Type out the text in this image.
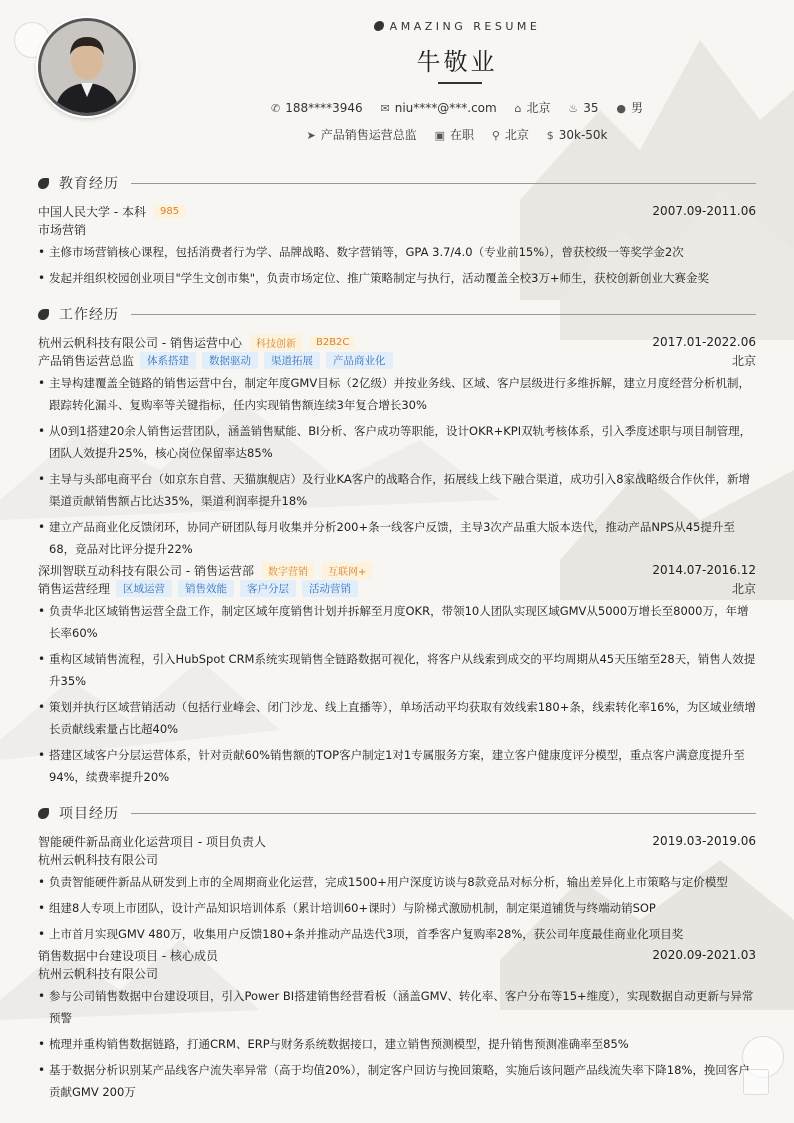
AMAZING RESUME
牛敬业
✆ 188****3946 ✉ niu****@***.com ⌂ 北京 ♨ 35 ● 男
➤ 产品销售运营总监 ▣ 在职 ⚲ 北京 $ 30k-50k
教育经历
中国人民大学 - 本科	985	2007.09-2011.06
市场营销
• 主修市场营销核心课程，包括消费者行为学、品牌战略、数字营销等，GPA 3.7/4.0（专业前15%），曾获校级一等奖学金2次
• 发起并组织校园创业项目"学生文创市集"，负责市场定位、推广策略制定与执行，活动覆盖全校3万+师生，获校创新创业大赛金奖
工作经历
杭州云帆科技有限公司 - 销售运营中心	科技创新	B2B2C	2017.01-2022.06
产品销售运营总监	体系搭建	数据驱动	渠道拓展	产品商业化	北京
• 主导构建覆盖全链路的销售运营中台，制定年度GMV目标（2亿级）并按业务线、区域、客户层级进行多维拆解，建立月度经营分析机制，跟踪转化漏斗、复购率等关键指标，任内实现销售额连续3年复合增长30%
• 从0到1搭建20余人销售运营团队，涵盖销售赋能、BI分析、客户成功等职能，设计OKR+KPI双轨考核体系，引入季度述职与项目制管理，团队人效提升25%，核心岗位保留率达85%
• 主导与头部电商平台（如京东自营、天猫旗舰店）及行业KA客户的战略合作，拓展线上线下融合渠道，成功引入8家战略级合作伙伴，新增渠道贡献销售额占比达35%，渠道利润率提升18%
• 建立产品商业化反馈闭环，协同产研团队每月收集并分析200+条一线客户反馈，主导3次产品重大版本迭代，推动产品NPS从45提升至68，竞品对比评分提升22%
深圳智联互动科技有限公司 - 销售运营部	数字营销	互联网+	2014.07-2016.12
销售运营经理	区域运营	销售效能	客户分层	活动营销	北京
• 负责华北区域销售运营全盘工作，制定区域年度销售计划并拆解至月度OKR，带领10人团队实现区域GMV从5000万增长至8000万，年增长率60%
• 重构区域销售流程，引入HubSpot CRM系统实现销售全链路数据可视化，将客户从线索到成交的平均周期从45天压缩至28天，销售人效提升35%
• 策划并执行区域营销活动（包括行业峰会、闭门沙龙、线上直播等），单场活动平均获取有效线索180+条，线索转化率16%，为区域业绩增长贡献线索量占比超40%
• 搭建区域客户分层运营体系，针对贡献60%销售额的TOP客户制定1对1专属服务方案，建立客户健康度评分模型，重点客户满意度提升至94%，续费率提升20%
项目经历
智能硬件新品商业化运营项目 - 项目负责人	2019.03-2019.06
杭州云帆科技有限公司
• 负责智能硬件新品从研发到上市的全周期商业化运营，完成1500+用户深度访谈与8款竞品对标分析，输出差异化上市策略与定价模型
• 组建8人专项上市团队，设计产品知识培训体系（累计培训60+课时）与阶梯式激励机制，制定渠道铺货与终端动销SOP
• 上市首月实现GMV 480万，收集用户反馈180+条并推动产品迭代3项，首季客户复购率28%，获公司年度最佳商业化项目奖
销售数据中台建设项目 - 核心成员	2020.09-2021.03
杭州云帆科技有限公司
• 参与公司销售数据中台建设项目，引入Power BI搭建销售经营看板（涵盖GMV、转化率、客户分布等15+维度），实现数据自动更新与异常预警
• 梳理并重构销售数据链路，打通CRM、ERP与财务系统数据接口，建立销售预测模型，提升销售预测准确率至85%
• 基于数据分析识别某产品线客户流失率异常（高于均值20%），制定客户回访与挽回策略，实施后该问题产品线流失率下降18%，挽回客户贡献GMV 200万
